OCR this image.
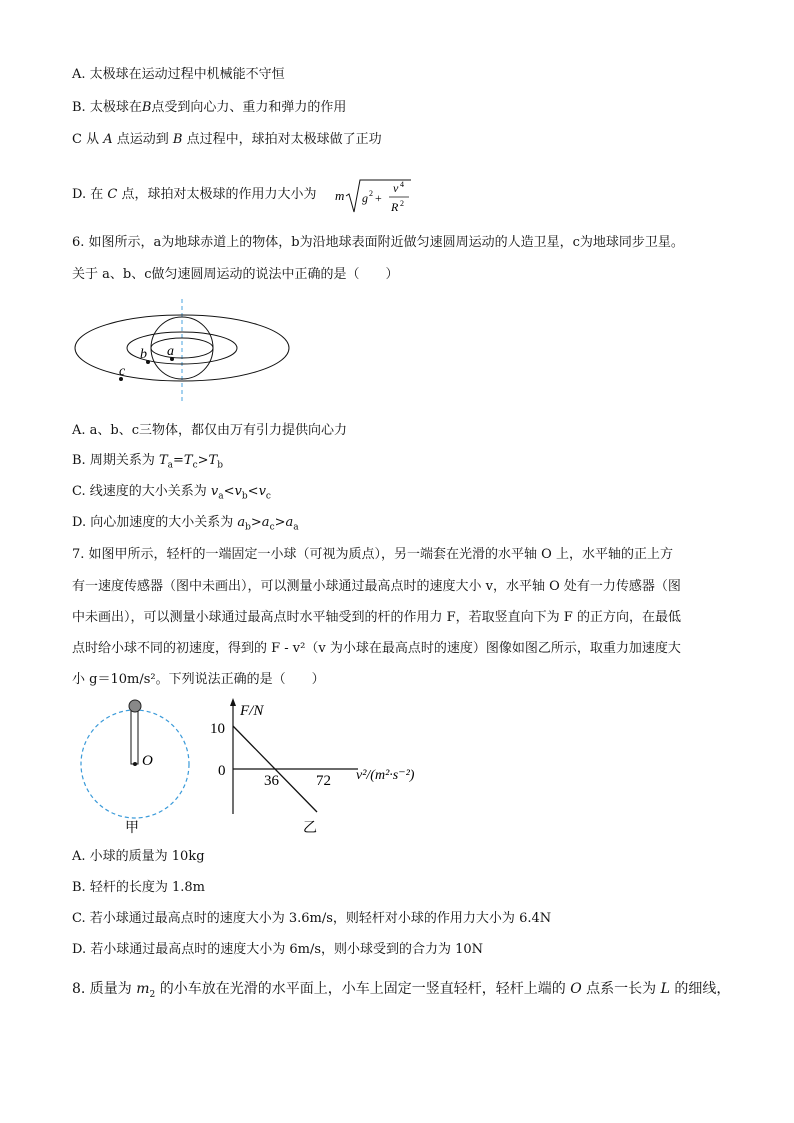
A. 太极球在运动过程中机械能不守恒
B. 太极球在B点受到向心力、重力和弹力的作用
C 从 A 点运动到 B 点过程中，球拍对太极球做了正功
D. 在 C 点，球拍对太极球的作用力大小为 m g 2 +
v 4
R 2
6. 如图所示，a为地球赤道上的物体，b为沿地球表面附近做匀速圆周运动的人造卫星，c为地球同步卫星。
关于 a、b、c做匀速圆周运动的说法中正确的是（　　）
a
b
c
A. a、b、c三物体，都仅由万有引力提供向心力
B. 周期关系为 $T_a=T_c>T_b$
C. 线速度的大小关系为 $v_a<v_b<v_c$
D. 向心加速度的大小关系为 $a_b>a_c>a_a$
7. 如图甲所示，轻杆的一端固定一小球（可视为质点），另一端套在光滑的水平轴 O 上，水平轴的正上方
有一速度传感器（图中未画出），可以测量小球通过最高点时的速度大小 v，水平轴 O 处有一力传感器（图
中未画出），可以测量小球通过最高点时水平轴受到的杆的作用力 F，若取竖直向下为 F 的正方向，在最低
点时给小球不同的初速度，得到的 F - v²（v 为小球在最高点时的速度）图像如图乙所示，取重力加速度大
小 g＝10m/s²。下列说法正确的是（　　）
O
甲
F/N
10
0
36 72 v²/(m²·s⁻²)
乙
A. 小球的质量为 10kg
B. 轻杆的长度为 1.8m
C. 若小球通过最高点时的速度大小为 3.6m/s，则轻杆对小球的作用力大小为 6.4N
D. 若小球通过最高点时的速度大小为 6m/s，则小球受到的合力为 10N
8. 质量为 $m_2$ 的小车放在光滑的水平面上，小车上固定一竖直轻杆，轻杆上端的 O 点系一长为 L 的细线，
